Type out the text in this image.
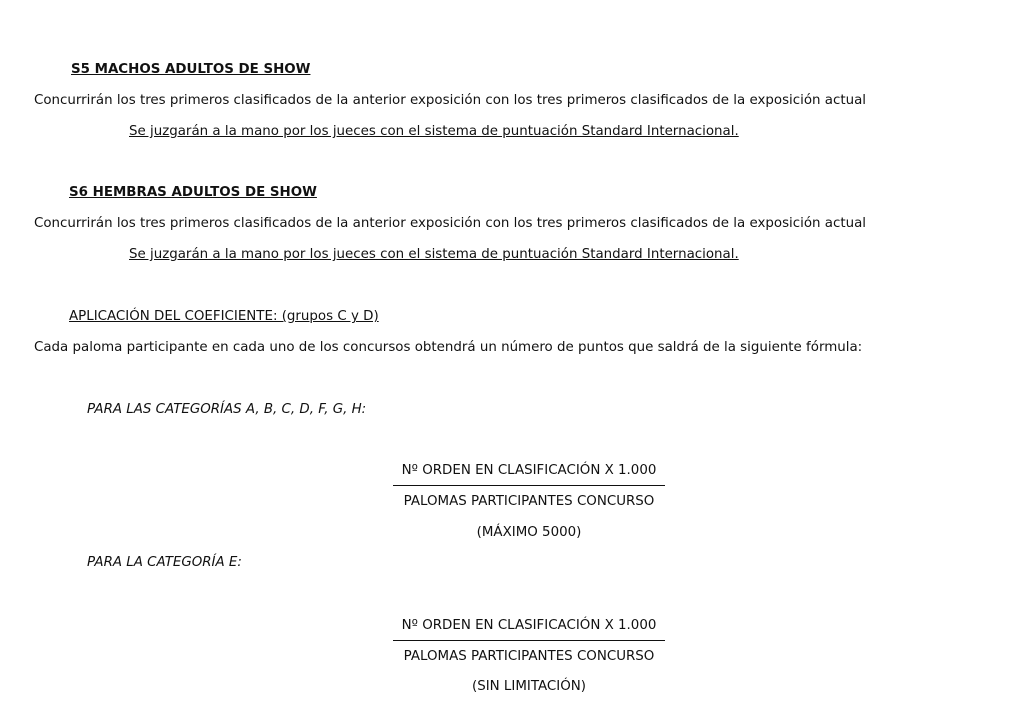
S5 MACHOS ADULTOS DE SHOW
Concurrirán los tres primeros clasificados de la anterior exposición con los tres primeros clasificados de la exposición actual
Se juzgarán a la mano por los jueces con el sistema de puntuación Standard Internacional.
S6 HEMBRAS ADULTOS DE SHOW
Concurrirán los tres primeros clasificados de la anterior exposición con los tres primeros clasificados de la exposición actual
Se juzgarán a la mano por los jueces con el sistema de puntuación Standard Internacional.
APLICACIÓN DEL COEFICIENTE: (grupos C y D)
Cada paloma participante en cada uno de los concursos obtendrá un número de puntos que saldrá de la siguiente fórmula:
PARA LAS CATEGORÍAS A, B, C, D, F, G, H:
Nº ORDEN EN CLASIFICACIÓN X 1.000
PALOMAS PARTICIPANTES CONCURSO
(MÁXIMO 5000)
PARA LA CATEGORÍA E:
Nº ORDEN EN CLASIFICACIÓN X 1.000
PALOMAS PARTICIPANTES CONCURSO
(SIN LIMITACIÓN)
